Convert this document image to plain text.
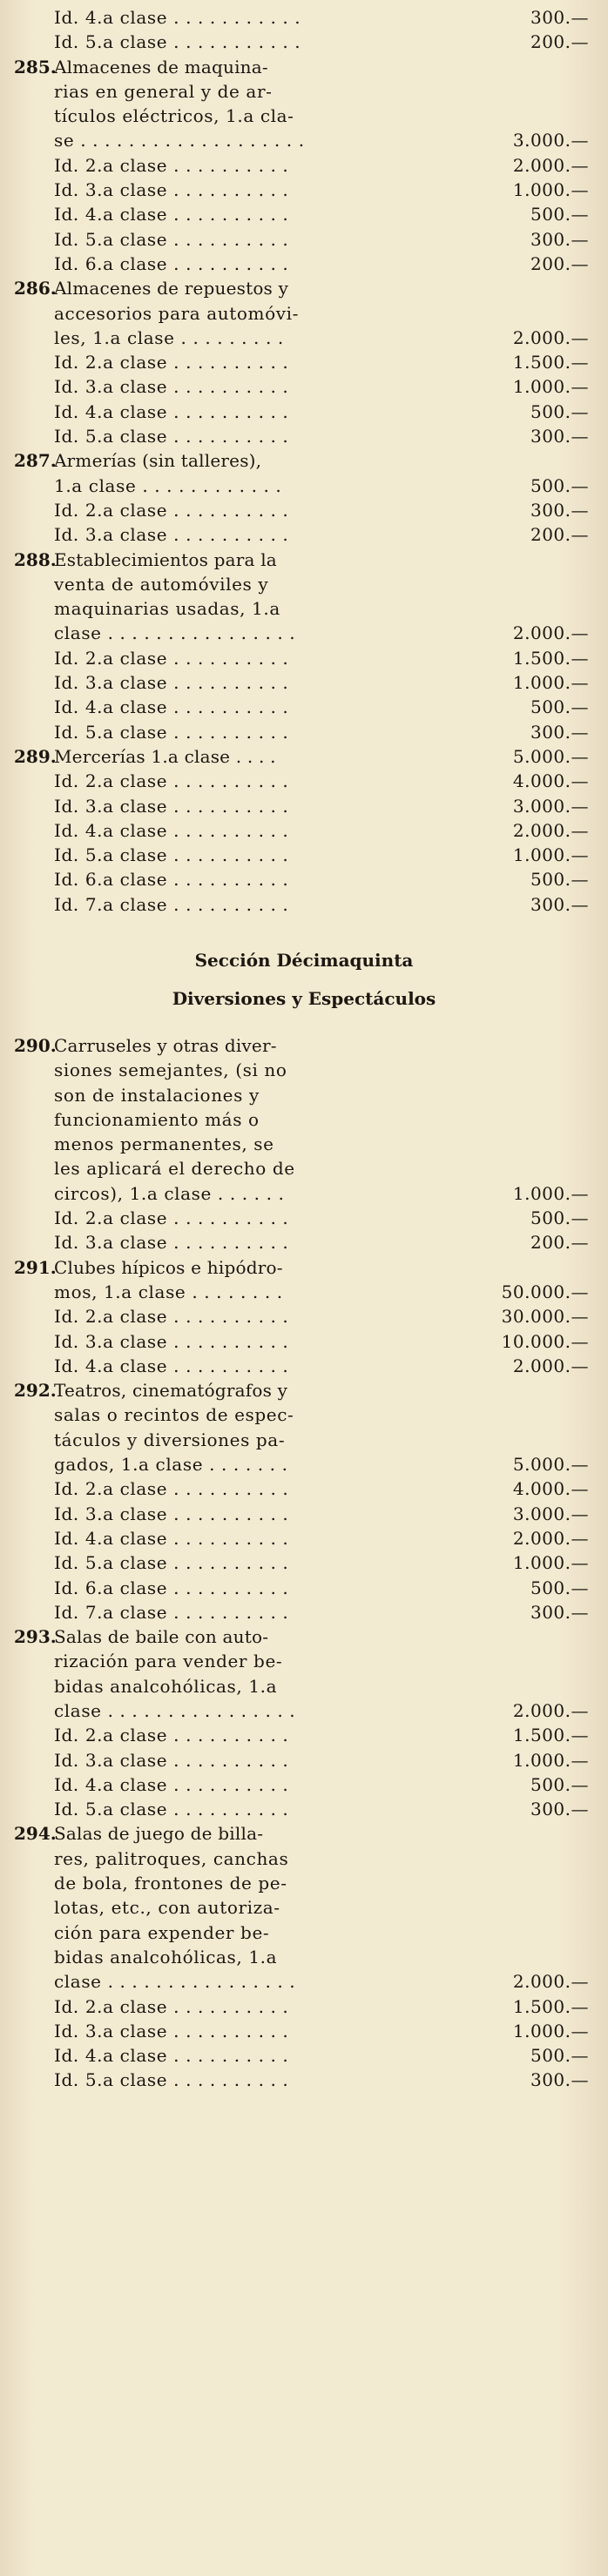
Id. 4.a clase . . . . . . . . . . .	300.—
Id. 5.a clase . . . . . . . . . . .	200.—
285.
Almacenes de maquina-
rias en general y de ar-
tículos eléctricos, 1.a cla-
se . . . . . . . . . . . . . . . . . . .	3.000.—
Id. 2.a clase . . . . . . . . . .	2.000.—
Id. 3.a clase . . . . . . . . . .	1.000.—
Id. 4.a clase . . . . . . . . . .	500.—
Id. 5.a clase . . . . . . . . . .	300.—
Id. 6.a clase . . . . . . . . . .	200.—
286.
Almacenes de repuestos y
accesorios para automóvi-
les, 1.a clase . . . . . . . . .	2.000.—
Id. 2.a clase . . . . . . . . . .	1.500.—
Id. 3.a clase . . . . . . . . . .	1.000.—
Id. 4.a clase . . . . . . . . . .	500.—
Id. 5.a clase . . . . . . . . . .	300.—
287.
Armerías (sin talleres),
1.a clase . . . . . . . . . . . .	500.—
Id. 2.a clase . . . . . . . . . .	300.—
Id. 3.a clase . . . . . . . . . .	200.—
288.
Establecimientos para la
venta de automóviles y
maquinarias usadas, 1.a
clase . . . . . . . . . . . . . . . .	2.000.—
Id. 2.a clase . . . . . . . . . .	1.500.—
Id. 3.a clase . . . . . . . . . .	1.000.—
Id. 4.a clase . . . . . . . . . .	500.—
Id. 5.a clase . . . . . . . . . .	300.—
289.
Mercerías 1.a clase . . . .	5.000.—
Id. 2.a clase . . . . . . . . . .	4.000.—
Id. 3.a clase . . . . . . . . . .	3.000.—
Id. 4.a clase . . . . . . . . . .	2.000.—
Id. 5.a clase . . . . . . . . . .	1.000.—
Id. 6.a clase . . . . . . . . . .	500.—
Id. 7.a clase . . . . . . . . . .	300.—
Sección Décimaquinta
Diversiones y Espectáculos
290.
Carruseles y otras diver-
siones semejantes, (si no
son de instalaciones y
funcionamiento más o
menos permanentes, se
les aplicará el derecho de
circos), 1.a clase . . . . . .	1.000.—
Id. 2.a clase . . . . . . . . . .	500.—
Id. 3.a clase . . . . . . . . . .	200.—
291.
Clubes hípicos e hipódro-
mos, 1.a clase . . . . . . . .	50.000.—
Id. 2.a clase . . . . . . . . . .	30.000.—
Id. 3.a clase . . . . . . . . . .	10.000.—
Id. 4.a clase . . . . . . . . . .	2.000.—
292.
Teatros, cinematógrafos y
salas o recintos de espec-
táculos y diversiones pa-
gados, 1.a clase . . . . . . .	5.000.—
Id. 2.a clase . . . . . . . . . .	4.000.—
Id. 3.a clase . . . . . . . . . .	3.000.—
Id. 4.a clase . . . . . . . . . .	2.000.—
Id. 5.a clase . . . . . . . . . .	1.000.—
Id. 6.a clase . . . . . . . . . .	500.—
Id. 7.a clase . . . . . . . . . .	300.—
293.
Salas de baile con auto-
rización para vender be-
bidas analcohólicas, 1.a
clase . . . . . . . . . . . . . . . .	2.000.—
Id. 2.a clase . . . . . . . . . .	1.500.—
Id. 3.a clase . . . . . . . . . .	1.000.—
Id. 4.a clase . . . . . . . . . .	500.—
Id. 5.a clase . . . . . . . . . .	300.—
294.
Salas de juego de billa-
res, palitroques, canchas
de bola, frontones de pe-
lotas, etc., con autoriza-
ción para expender be-
bidas analcohólicas, 1.a
clase . . . . . . . . . . . . . . . .	2.000.—
Id. 2.a clase . . . . . . . . . .	1.500.—
Id. 3.a clase . . . . . . . . . .	1.000.—
Id. 4.a clase . . . . . . . . . .	500.—
Id. 5.a clase . . . . . . . . . .	300.—
